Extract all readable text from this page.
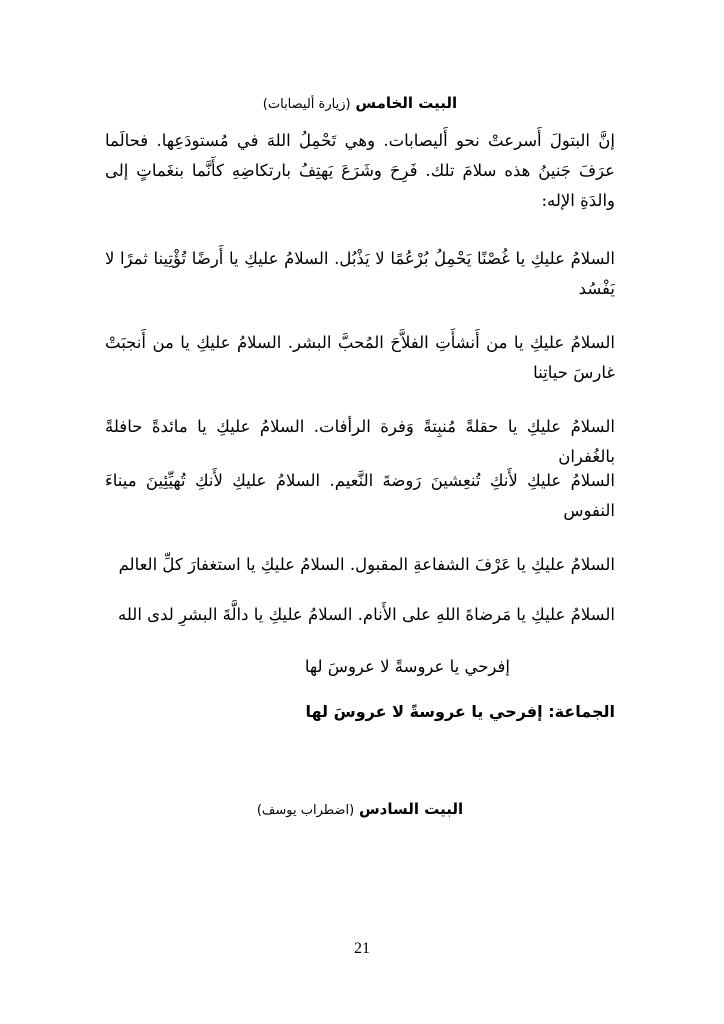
البيت الخامس (زيارة أليصابات)

إنَّ البتولَ أَسرعتْ نحو أَليصابات. وهي تَحْمِلُ اللهَ في مُستودَعِها. فحالَما عرَفَ جَنينُ هذه سلامَ تلك. فَرِحَ وشَرَعَ يَهتِفُ بارتكاضِهِ كأَنَّما بنغَماتٍ إلى والدَةِ الإله:

السلامُ عليكِ يا غُصْنًا يَحْمِلُ بُرْعُمًا لا يَذْبُل. السلامُ عليكِ يا أَرضًا تُؤْتِينا ثمرًا لا يَفْسُد

السلامُ عليكِ يا من أَنشأَتِ الفلاَّحَ المُحبَّ البشر. السلامُ عليكِ يا من أَنجبَتْ غارسَ حياتِنا

السلامُ عليكِ يا حقلةً مُنبِتةً وَفرة الرأفات. السلامُ عليكِ يا مائدةً حافلةً بالغُفران

السلامُ عليكِ لأَنكِ تُنعِشينَ رَوضةَ النَّعيم. السلامُ عليكِ لأَنكِ تُهيِّئِينَ ميناءَ النفوس

السلامُ عليكِ يا عَرْفَ الشفاعةِ المقبول. السلامُ عليكِ يا استغفارَ كلِّ العالم

السلامُ عليكِ يا مَرضاةَ اللهِ على الأَنام. السلامُ عليكِ يا دالَّةَ البشرِ لدى الله

إفرحي يا عروسةً لا عروسَ لها

الجماعة: إفرحي يا عروسةً لا عروسَ لها
البيت السادس (اضطراب يوسف)
21
